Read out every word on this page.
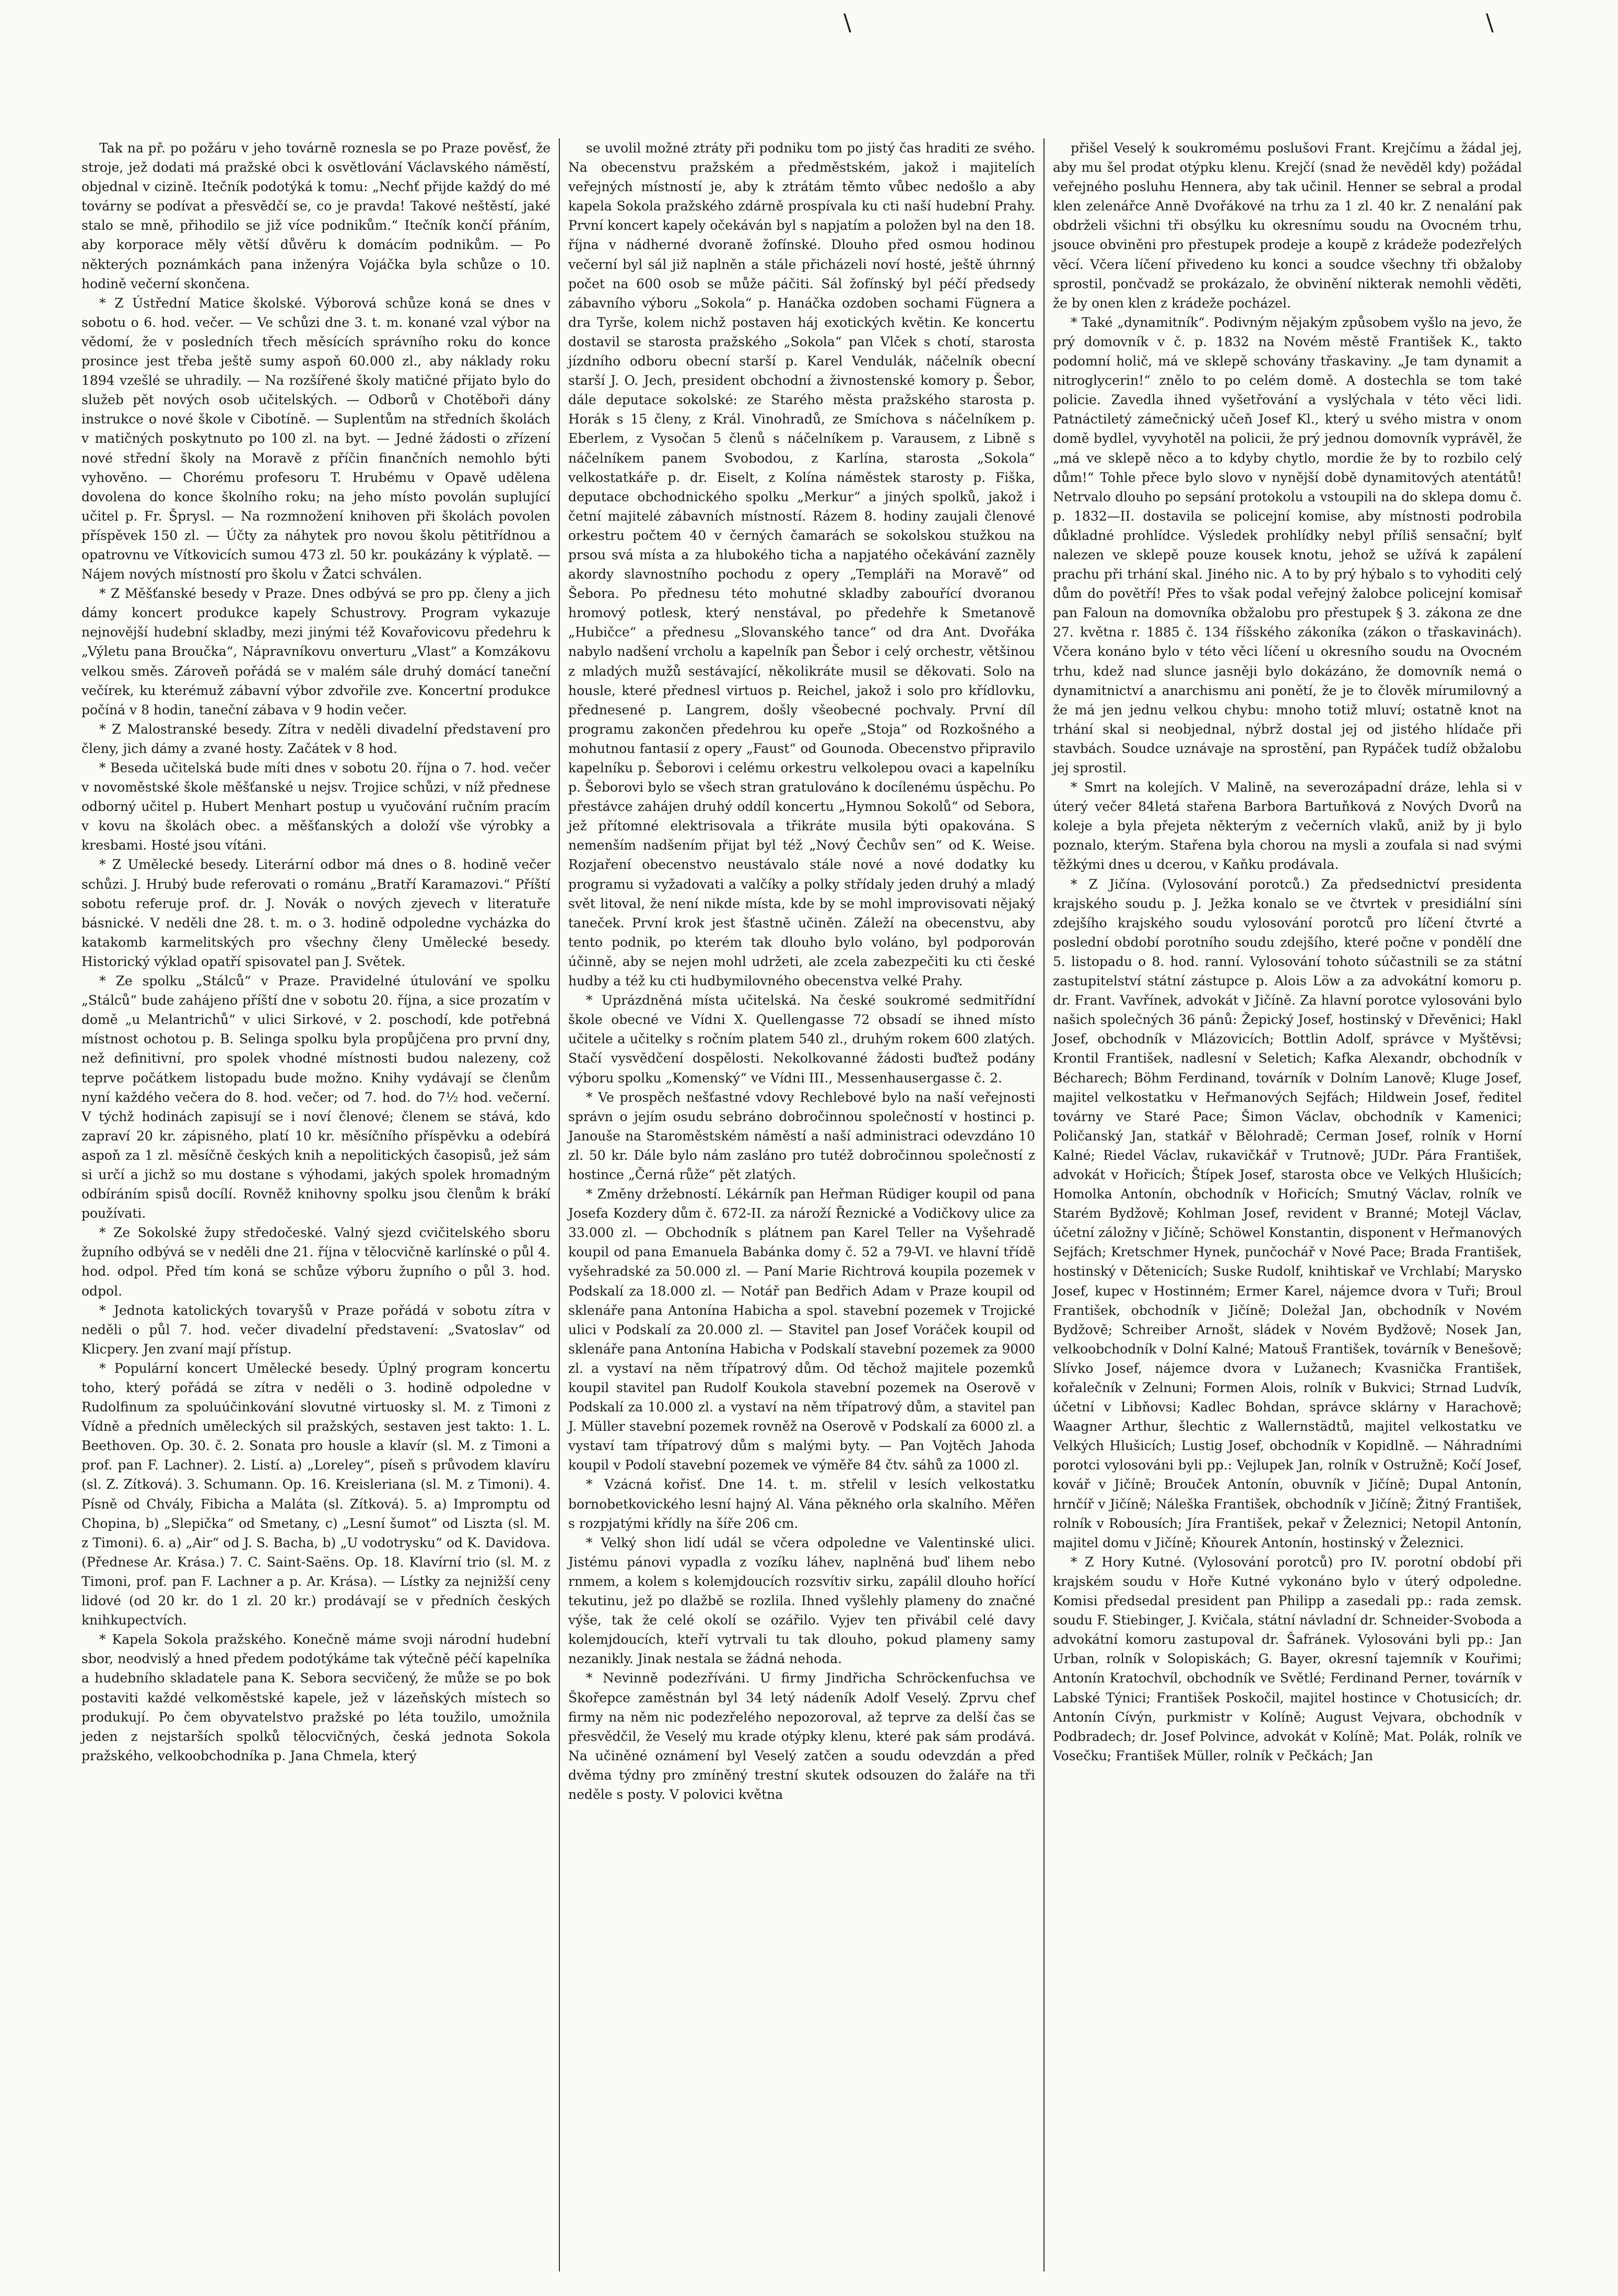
\	\

Tak na př. po požáru v jeho továrně roznesla se po Praze pověsť, že stroje, jež dodati má pražské obci k osvětlování Václavského náměstí, objednal v cizině. Itečník podotýká k tomu: „Nechť přijde každý do mé továrny se podívat a přesvědčí se, co je pravda! Takové neštěstí, jaké stalo se mně, přihodilo se již více podnikům.“ Itečník končí přáním, aby korporace měly větší důvěru k domácím podnikům. — Po některých poznámkách pana inženýra Vojáčka byla schůze o 10. hodině večerní skončena.

* Z Ústřední Matice školské. Výborová schůze koná se dnes v sobotu o 6. hod. večer. — Ve schůzi dne 3. t. m. konané vzal výbor na vědomí, že v posledních třech měsících správního roku do konce prosince jest třeba ještě sumy aspoň 60.000 zl., aby náklady roku 1894 vzešlé se uhradily. — Na rozšířené školy matičné přijato bylo do služeb pět nových osob učitelských. — Odborů v Chotěboři dány instrukce o nové škole v Cibotíně. — Suplentům na středních školách v matičných poskytnuto po 100 zl. na byt. — Jedné žádosti o zřízení nové střední školy na Moravě z příčin finančních nemohlo býti vyhověno. — Chorému profesoru T. Hrubému v Opavě udělena dovolena do konce školního roku; na jeho místo povolán suplující učitel p. Fr. Šprysl. — Na rozmnožení knihoven při školách povolen příspěvek 150 zl. — Účty za náhytek pro novou školu pětitřídnou a opatrovnu ve Vítkovicích sumou 473 zl. 50 kr. poukázány k výplatě. — Nájem nových místností pro školu v Žatci schválen.

* Z Měšťanské besedy v Praze. Dnes odbývá se pro pp. členy a jich dámy koncert produkce kapely Schustrovy. Program vykazuje nejnovější hudební skladby, mezi jinými též Kovařovicovu předehru k „Výletu pana Broučka“, Nápravníkovu onverturu „Vlast“ a Komzákovu velkou směs. Zároveň pořádá se v malém sále druhý domácí taneční večírek, ku kterémuž zábavní výbor zdvořile zve. Koncertní produkce počíná v 8 hodin, taneční zábava v 9 hodin večer.

* Z Malostranské besedy. Zítra v neděli divadelní představení pro členy, jich dámy a zvané hosty. Začátek v 8 hod.

* Beseda učitelská bude míti dnes v sobotu 20. října o 7. hod. večer v novoměstské škole měšťanské u nejsv. Trojice schůzi, v níž přednese odborný učitel p. Hubert Menhart postup u vyučování ručním pracím v kovu na školách obec. a měšťanských a doloží vše výrobky a kresbami. Hosté jsou vítáni.

* Z Umělecké besedy. Literární odbor má dnes o 8. hodině večer schůzi. J. Hrubý bude referovati o románu „Bratří Karamazovi.“ Příští sobotu referuje prof. dr. J. Novák o nových zjevech v literatuře básnické. V neděli dne 28. t. m. o 3. hodině odpoledne vycházka do katakomb karmelitských pro všechny členy Umělecké besedy. Historický výklad opatří spisovatel pan J. Světek.

* Ze spolku „Stálců“ v Praze. Pravidelné útulování ve spolku „Stálců“ bude zahájeno příští dne v sobotu 20. října, a sice prozatím v domě „u Melantrichů“ v ulici Sirkové, v 2. poschodí, kde potřebná místnost ochotou p. B. Selinga spolku byla propůjčena pro první dny, než definitivní, pro spolek vhodné místnosti budou nalezeny, což teprve počátkem listopadu bude možno. Knihy vydávají se členům nyní každého večera do 8. hod. večer; od 7. hod. do 7½ hod. večerní. V týchž hodinách zapisují se i noví členové; členem se stává, kdo zapraví 20 kr. zápisného, platí 10 kr. měsíčního příspěvku a odebírá aspoň za 1 zl. měsíčně českých knih a nepolitických časopisů, jež sám si určí a jichž so mu dostane s výhodami, jakých spolek hromadným odbíráním spisů docílí. Rovněž knihovny spolku jsou členům k brákí používati.

* Ze Sokolské župy středočeské. Valný sjezd cvičitelského sboru župního odbývá se v neděli dne 21. října v tělocvičně karlínské o půl 4. hod. odpol. Před tím koná se schůze výboru župního o půl 3. hod. odpol.

* Jednota katolických tovaryšů v Praze pořádá v sobotu zítra v neděli o půl 7. hod. večer divadelní představení: „Svatoslav“ od Klicpery. Jen zvaní mají přístup.

* Populární koncert Umělecké besedy. Úplný program koncertu toho, který pořádá se zítra v neděli o 3. hodině odpoledne v Rudolfinum za spoluúčinkování slovutné virtuosky sl. M. z Timoni z Vídně a předních uměleckých sil pražských, sestaven jest takto: 1. L. Beethoven. Op. 30. č. 2. Sonata pro housle a klavír (sl. M. z Timoni a prof. pan F. Lachner). 2. Listí. a) „Loreley“, píseň s průvodem klavíru (sl. Z. Zítková). 3. Schumann. Op. 16. Kreisleriana (sl. M. z Timoni). 4. Písně od Chvály, Fibicha a Maláta (sl. Zítková). 5. a) Impromptu od Chopina, b) „Slepička“ od Smetany, c) „Lesní šumot“ od Liszta (sl. M. z Timoni). 6. a) „Air“ od J. S. Bacha, b) „U vodotrysku“ od K. Davidova. (Přednese Ar. Krása.) 7. C. Saint-Saëns. Op. 18. Klavírní trio (sl. M. z Timoni, prof. pan F. Lachner a p. Ar. Krása). — Lístky za nejnižší ceny lidové (od 20 kr. do 1 zl. 20 kr.) prodávají se v předních českých knihkupectvích.

* Kapela Sokola pražského. Konečně máme svoji národní hudební sbor, neodvislý a hned předem podotýkáme tak výtečně péčí kapelníka a hudebního skladatele pana K. Sebora secvičený, že může se po bok postaviti každé velkoměstské kapele, jež v lázeňských místech so produkují. Po čem obyvatelstvo pražské po léta toužilo, umožnila jeden z nejstarších spolků tělocvičných, česká jednota Sokola pražského, velkoobchodníka p. Jana Chmela, který

se uvolil možné ztráty při podniku tom po jistý čas hraditi ze svého. Na obecenstvu pražském a předměstském, jakož i majitelích veřejných místností je, aby k ztrátám těmto vůbec nedošlo a aby kapela Sokola pražského zdárně prospívala ku cti naší hudební Prahy. První koncert kapely očekáván byl s napjatím a položen byl na den 18. října v nádherné dvoraně žofínské. Dlouho před osmou hodinou večerní byl sál již naplněn a stále přicházeli noví hosté, ještě úhrnný počet na 600 osob se může páčiti. Sál žofínský byl péčí předsedy zábavního výboru „Sokola“ p. Hanáčka ozdoben sochami Fügnera a dra Tyrše, kolem nichž postaven háj exotických květin. Ke koncertu dostavil se starosta pražského „Sokola“ pan Vlček s chotí, starosta jízdního odboru obecní starší p. Karel Vendulák, náčelník obecní starší J. O. Jech, president obchodní a živnostenské komory p. Šebor, dále deputace sokolské: ze Starého města pražského starosta p. Horák s 15 členy, z Král. Vinohradů, ze Smíchova s náčelníkem p. Eberlem, z Vysočan 5 členů s náčelníkem p. Varausem, z Libně s náčelníkem panem Svobodou, z Karlína, starosta „Sokola“ velkostatkáře p. dr. Eiselt, z Kolína náměstek starosty p. Fiška, deputace obchodnického spolku „Merkur“ a jiných spolků, jakož i četní majitelé zábavních místností. Rázem 8. hodiny zaujali členové orkestru počtem 40 v černých čamarách se sokolskou stužkou na prsou svá místa a za hlubokého ticha a napjatého očekávání zazněly akordy slavnostního pochodu z opery „Templáři na Moravě“ od Šebora. Po přednesu této mohutné skladby zabouřící dvoranou hromový potlesk, který nenstával, po předehře k Smetanově „Hubičce“ a přednesu „Slovanského tance“ od dra Ant. Dvořáka nabylo nadšení vrcholu a kapelník pan Šebor i celý orchestr, většinou z mladých mužů sestávající, několikráte musil se děkovati. Solo na housle, které přednesl virtuos p. Reichel, jakož i solo pro křídlovku, přednesené p. Langrem, došly všeobecné pochvaly. První díl programu zakončen předehrou ku opeře „Stoja“ od Rozkošného a mohutnou fantasií z opery „Faust“ od Gounoda. Obecenstvo připravilo kapelníku p. Šeborovi i celému orkestru velkolepou ovaci a kapelníku p. Šeborovi bylo se všech stran gratulováno k docílenému úspěchu. Po přestávce zahájen druhý oddíl koncertu „Hymnou Sokolů“ od Sebora, jež přítomné elektrisovala a třikráte musila býti opakována. S nemenším nadšením přijat byl též „Nový Čechův sen“ od K. Weise. Rozjaření obecenstvo neustávalo stále nové a nové dodatky ku programu si vyžadovati a valčíky a polky střídaly jeden druhý a mladý svět litoval, že není nikde místa, kde by se mohl improvisovati nějaký taneček. První krok jest šťastně učiněn. Záleží na obecenstvu, aby tento podnik, po kterém tak dlouho bylo voláno, byl podporován účinně, aby se nejen mohl udržeti, ale zcela zabezpečiti ku cti české hudby a též ku cti hudbymilovného obecenstva velké Prahy.

* Uprázdněná místa učitelská. Na české soukromé sedmitřídní škole obecné ve Vídni X. Quellengasse 72 obsadí se ihned místo učitele a učitelky s ročním platem 540 zl., druhým rokem 600 zlatých. Stačí vysvědčení dospělosti. Nekolkovanné žádosti buďtež podány výboru spolku „Komenský“ ve Vídni III., Messenhausergasse č. 2.

* Ve prospěch nešťastné vdovy Rechlebové bylo na naší veřejnosti správn o jejím osudu sebráno dobročinnou společností v hostinci p. Janouše na Staroměstském náměstí a naší administraci odevzdáno 10 zl. 50 kr. Dále bylo nám zasláno pro tutéž dobročinnou společností z hostince „Černá růže“ pět zlatých.

* Změny držebností. Lékárník pan Heřman Rüdiger koupil od pana Josefa Kozdery dům č. 672-II. za nároží Řeznické a Vodičkovy ulice za 33.000 zl. — Obchodník s plátnem pan Karel Teller na Vyšehradě koupil od pana Emanuela Babánka domy č. 52 a 79-VI. ve hlavní třídě vyšehradské za 50.000 zl. — Paní Marie Richtrová koupila pozemek v Podskalí za 18.000 zl. — Notář pan Bedřich Adam v Praze koupil od sklenáře pana Antonína Habicha a spol. stavební pozemek v Trojické ulici v Podskalí za 20.000 zl. — Stavitel pan Josef Voráček koupil od sklenáře pana Antonína Habicha v Podskalí stavební pozemek za 9000 zl. a vystaví na něm třípatrový dům. Od těchož majitele pozemků koupil stavitel pan Rudolf Koukola stavební pozemek na Oserově v Podskalí za 10.000 zl. a vystaví na něm třípatrový dům, a stavitel pan J. Müller stavební pozemek rovněž na Oserově v Podskalí za 6000 zl. a vystaví tam třípatrový dům s malými byty. — Pan Vojtěch Jahoda koupil v Podolí stavební pozemek ve výměře 84 čtv. sáhů za 1000 zl.

* Vzácná kořisť. Dne 14. t. m. střelil v lesích velkostatku bornobetkovického lesní hajný Al. Vána pěkného orla skalního. Měřen s rozpjatými křídly na šíře 206 cm.

* Velký shon lidí udál se včera odpoledne ve Valentinské ulici. Jistému pánovi vypadla z vozíku láhev, naplněná buď lihem nebo rnmem, a kolem s kolemjdoucích rozsvítiv sirku, zapálil dlouho hořící tekutinu, jež po dlažbě se rozlila. Ihned vyšlehly plameny do značné výše, tak že celé okolí se ozářilo. Vyjev ten přivábil celé davy kolemjdoucích, kteří vytrvali tu tak dlouho, pokud plameny samy nezanikly. Jinak nestala se žádná nehoda.

* Nevinně podezříváni. U firmy Jindřicha Schröckenfuchsa ve Škořepce zaměstnán byl 34 letý nádeník Adolf Veselý. Zprvu chef firmy na něm nic podezřelého nepozoroval, až teprve za delší čas se přesvědčil, že Veselý mu krade otýpky klenu, které pak sám prodává. Na učiněné oznámení byl Veselý zatčen a soudu odevzdán a před dvěma týdny pro zmíněný trestní skutek odsouzen do žaláře na tři neděle s posty. V polovici května

přišel Veselý k soukromému poslušovi Frant. Krejčímu a žádal jej, aby mu šel prodat otýpku klenu. Krejčí (snad že nevěděl kdy) požádal veřejného posluhu Hennera, aby tak učinil. Henner se sebral a prodal klen zelenářce Anně Dvořákové na trhu za 1 zl. 40 kr. Z nenalání pak obdrželi všichni tři obsýlku ku okresnímu soudu na Ovocném trhu, jsouce obviněni pro přestupek prodeje a koupě z krádeže podezřelých věcí. Včera líčení přivedeno ku konci a soudce všechny tři obžaloby sprostil, pončvadž se prokázalo, že obvinění nikterak nemohli věděti, že by onen klen z krádeže pocházel.

* Také „dynamitník“. Podivným nějakým způsobem vyšlo na jevo, že prý domovník v č. p. 1832 na Novém městě František K., takto podomní holič, má ve sklepě schovány třaskaviny. „Je tam dynamit a nitroglycerin!“ znělo to po celém domě. A dostechla se tom také policie. Zavedla ihned vyšetřování a vyslýchala v této věci lidi. Patnáctiletý zámečnický učeň Josef Kl., který u svého mistra v onom domě bydlel, vyvyhotěl na policii, že prý jednou domovník vyprávěl, že „má ve sklepě něco a to kdyby chytlo, mordie že by to rozbilo celý dům!“ Tohle přece bylo slovo v nynější době dynamitových atentátů! Netrvalo dlouho po sepsání protokolu a vstoupili na do sklepa domu č. p. 1832—II. dostavila se policejní komise, aby místnosti podrobila důkladné prohlídce. Výsledek prohlídky nebyl příliš sensační; bylť nalezen ve sklepě pouze kousek knotu, jehož se užívá k zapálení prachu při trhání skal. Jiného nic. A to by prý hýbalo s to vyhoditi celý dům do povětří! Přes to však podal veřejný žalobce policejní komisař pan Faloun na domovníka obžalobu pro přestupek § 3. zákona ze dne 27. května r. 1885 č. 134 říšského zákoníka (zákon o třaskavinách). Včera konáno bylo v této věci líčení u okresního soudu na Ovocném trhu, kdež nad slunce jasněji bylo dokázáno, že domovník nemá o dynamitnictví a anarchismu ani ponětí, že je to člověk mírumilovný a že má jen jednu velkou chybu: mnoho totiž mluví; ostatně knot na trhání skal si neobjednal, nýbrž dostal jej od jistého hlídače při stavbách. Soudce uznávaje na sprostění, pan Rypáček tudíž obžalobu jej sprostil.

* Smrt na kolejích. V Malině, na severozápadní dráze, lehla si v úterý večer 84letá stařena Barbora Bartuňková z Nových Dvorů na koleje a byla přejeta některým z večerních vlaků, aniž by ji bylo poznalo, kterým. Stařena byla chorou na mysli a zoufala si nad svými těžkými dnes u dcerou, v Kaňku prodávala.

* Z Jičína. (Vylosování porotců.) Za předsednictví presidenta krajského soudu p. J. Ježka konalo se ve čtvrtek v presidiální síni zdejšího krajského soudu vylosování porotců pro líčení čtvrté a poslední období porotního soudu zdejšího, které počne v pondělí dne 5. listopadu o 8. hod. ranní. Vylosování tohoto súčastnili se za státní zastupitelství státní zástupce p. Alois Löw a za advokátní komoru p. dr. Frant. Vavřínek, advokát v Jičíně. Za hlavní porotce vylosováni bylo našich společných 36 pánů: Žepický Josef, hostinský v Dřevěnici; Hakl Josef, obchodník v Mlázovicích; Bottlin Adolf, správce v Myštěvsi; Krontil František, nadlesní v Seletich; Kafka Alexandr, obchodník v Bécharech; Böhm Ferdinand, továrník v Dolním Lanově; Kluge Josef, majitel velkostatku v Heřmanových Sejfách; Hildwein Josef, ředitel továrny ve Staré Pace; Šimon Václav, obchodník v Kamenici; Poličanský Jan, statkář v Bělohradě; Cerman Josef, rolník v Horní Kalné; Riedel Václav, rukavičkář v Trutnově; JUDr. Pára František, advokát v Hořicích; Štípek Josef, starosta obce ve Velkých Hlušicích; Homolka Antonín, obchodník v Hořicích; Smutný Václav, rolník ve Starém Bydžově; Kohlman Josef, revident v Branné; Motejl Václav, účetní záložny v Jičíně; Schöwel Konstantin, disponent v Heřmanových Sejfách; Kretschmer Hynek, punčochář v Nové Pace; Brada František, hostinský v Dětenicích; Suske Rudolf, knihtiskař ve Vrchlabí; Marysko Josef, kupec v Hostinném; Ermer Karel, nájemce dvora v Tuři; Broul František, obchodník v Jičíně; Doležal Jan, obchodník v Novém Bydžově; Schreiber Arnošt, sládek v Novém Bydžově; Nosek Jan, velkoobchodník v Dolní Kalné; Matouš František, továrník v Benešově; Slívko Josef, nájemce dvora v Lužanech; Kvasnička František, kořalečník v Zelnuni; Formen Alois, rolník v Bukvici; Strnad Ludvík, účetní v Libňovsi; Kadlec Bohdan, správce sklárny v Harachově; Waagner Arthur, šlechtic z Wallernstädtů, majitel velkostatku ve Velkých Hlušicích; Lustig Josef, obchodník v Kopidlně. — Náhradními porotci vylosováni byli pp.: Vejlupek Jan, rolník v Ostružně; Kočí Josef, kovář v Jičíně; Brouček Antonín, obuvník v Jičíně; Dupal Antonín, hrnčíř v Jičíně; Náleška František, obchodník v Jičíně; Žitný František, rolník v Robousích; Jíra František, pekař v Železnici; Netopil Antonín, majitel domu v Jičíně; Kňourek Antonín, hostinský v Železnici.

* Z Hory Kutné. (Vylosování porotců) pro IV. porotní období při krajském soudu v Hoře Kutné vykonáno bylo v úterý odpoledne. Komisi předsedal president pan Philipp a zasedali pp.: rada zemsk. soudu F. Stiebinger, J. Kvičala, státní návladní dr. Schneider-Svoboda a advokátní komoru zastupoval dr. Šafránek. Vylosováni byli pp.: Jan Urban, rolník v Solopiskách; G. Bayer, okresní tajemník v Kouřimi; Antonín Kratochvíl, obchodník ve Světlé; Ferdinand Perner, továrník v Labské Týnici; František Poskočil, majitel hostince v Chotusicích; dr. Antonín Cívýn, purkmistr v Kolíně; August Vejvara, obchodník v Podbradech; dr. Josef Polvince, advokát v Kolíně; Mat. Polák, rolník ve Vosečku; František Müller, rolník v Pečkách; Jan
